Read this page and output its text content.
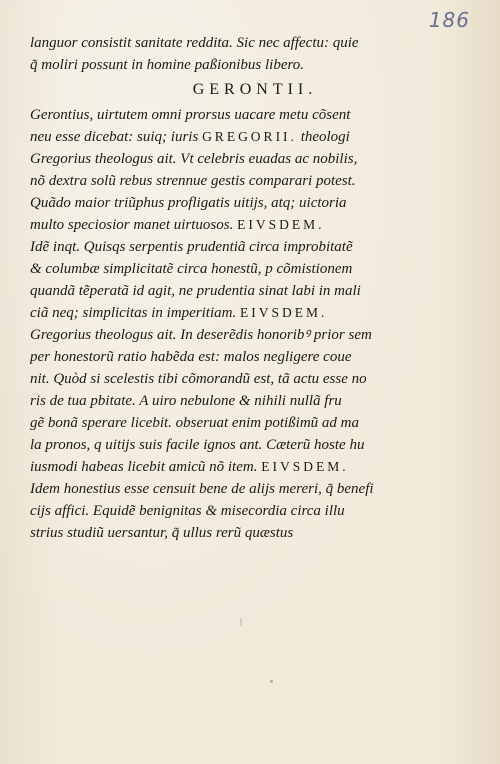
186
languor consistit sanitate reddita. Sic nec affectu: quie
q̃ moliri possunt in homine paßionibus libero.
GERONTII.
Gerontius, uirtutem omni prorsus uacare metu cõsent
neu esse dicebat: suiq; iuris GREGORII. theologi
Gregorius theologus ait. Vt celebris euadas ac nobilis,
nõ dextra solũ rebus strennue gestis comparari potest.
Quãdo maior triũphus profligatis uitijs, atq; uictoria
multo speciosior manet uirtuosos. EIVSDEM.
Idẽ inqt. Quisqs serpentis prudentiã circa improbitatẽ
& columbæ simplicitatẽ circa honestũ, p cõmistionem
quandã tẽperatã id agit, ne prudentia sinat labi in mali
ciã neq; simplicitas in imperitiam. EIVSDEM.
Gregorius theologus ait. In deserẽdis honoribꝰ prior sem
per honestorũ ratio habẽda est: malos negligere coue
nit. Quòd si scelestis tibi cõmorandũ est, tã actu esse no
ris de tua pbitate. A uiro nebulone & nihili nullã fru
gẽ bonã sperare licebit. obseruat enim potißimũ ad ma
la pronos, q uitijs suis facile ignos ant. Cæterũ hoste hu
iusmodi habeas licebit amicũ nõ item. EIVSDEM.
Idem honestius esse censuit bene de alijs mereri, q̃ benefi
cijs affici. Equidẽ benignitas & misecordia circa illu
strius studiũ uersantur, q̃ ullus rerũ quæstus
